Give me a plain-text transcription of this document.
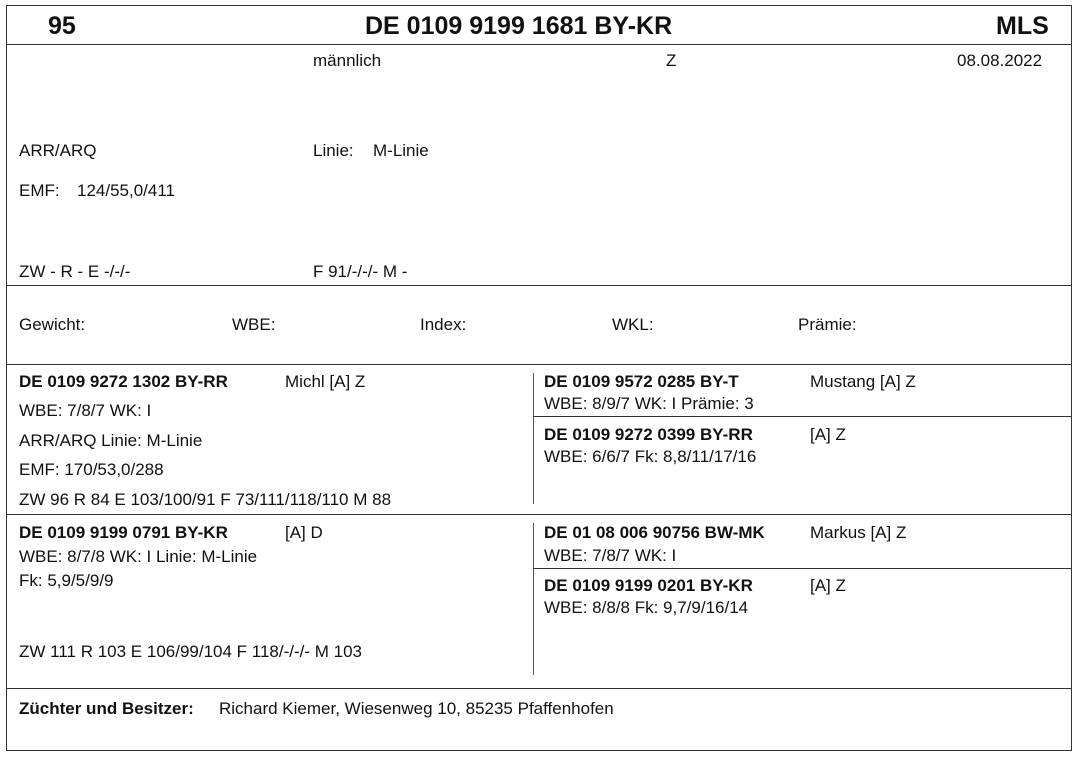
95	DE 0109 9199 1681 BY-KR	MLS
männlich	Z	08.08.2022
ARR/ARQ	Linie: M-Linie
EMF: 124/55,0/411
ZW - R - E -/-/-	F 91/-/-/- M -
Gewicht:	WBE:	Index:	WKL:	Prämie:
DE 0109 9272 1302 BY-RR	Michl [A] Z
WBE: 7/8/7 WK: I
ARR/ARQ Linie: M-Linie
EMF: 170/53,0/288
ZW 96 R 84 E 103/100/91 F 73/111/118/110 M 88
DE 0109 9572 0285 BY-T	Mustang [A] Z
WBE: 8/9/7 WK: I Prämie: 3
DE 0109 9272 0399 BY-RR	[A] Z
WBE: 6/6/7 Fk: 8,8/11/17/16
DE 0109 9199 0791 BY-KR	[A] D
WBE: 8/7/8 WK: I Linie: M-Linie
Fk: 5,9/5/9/9
ZW 111 R 103 E 106/99/104 F 118/-/-/- M 103
DE 01 08 006 90756 BW-MK	Markus [A] Z
WBE: 7/8/7 WK: I
DE 0109 9199 0201 BY-KR	[A] Z
WBE: 8/8/8 Fk: 9,7/9/16/14
Züchter und Besitzer: Richard Kiemer, Wiesenweg 10, 85235 Pfaffenhofen
